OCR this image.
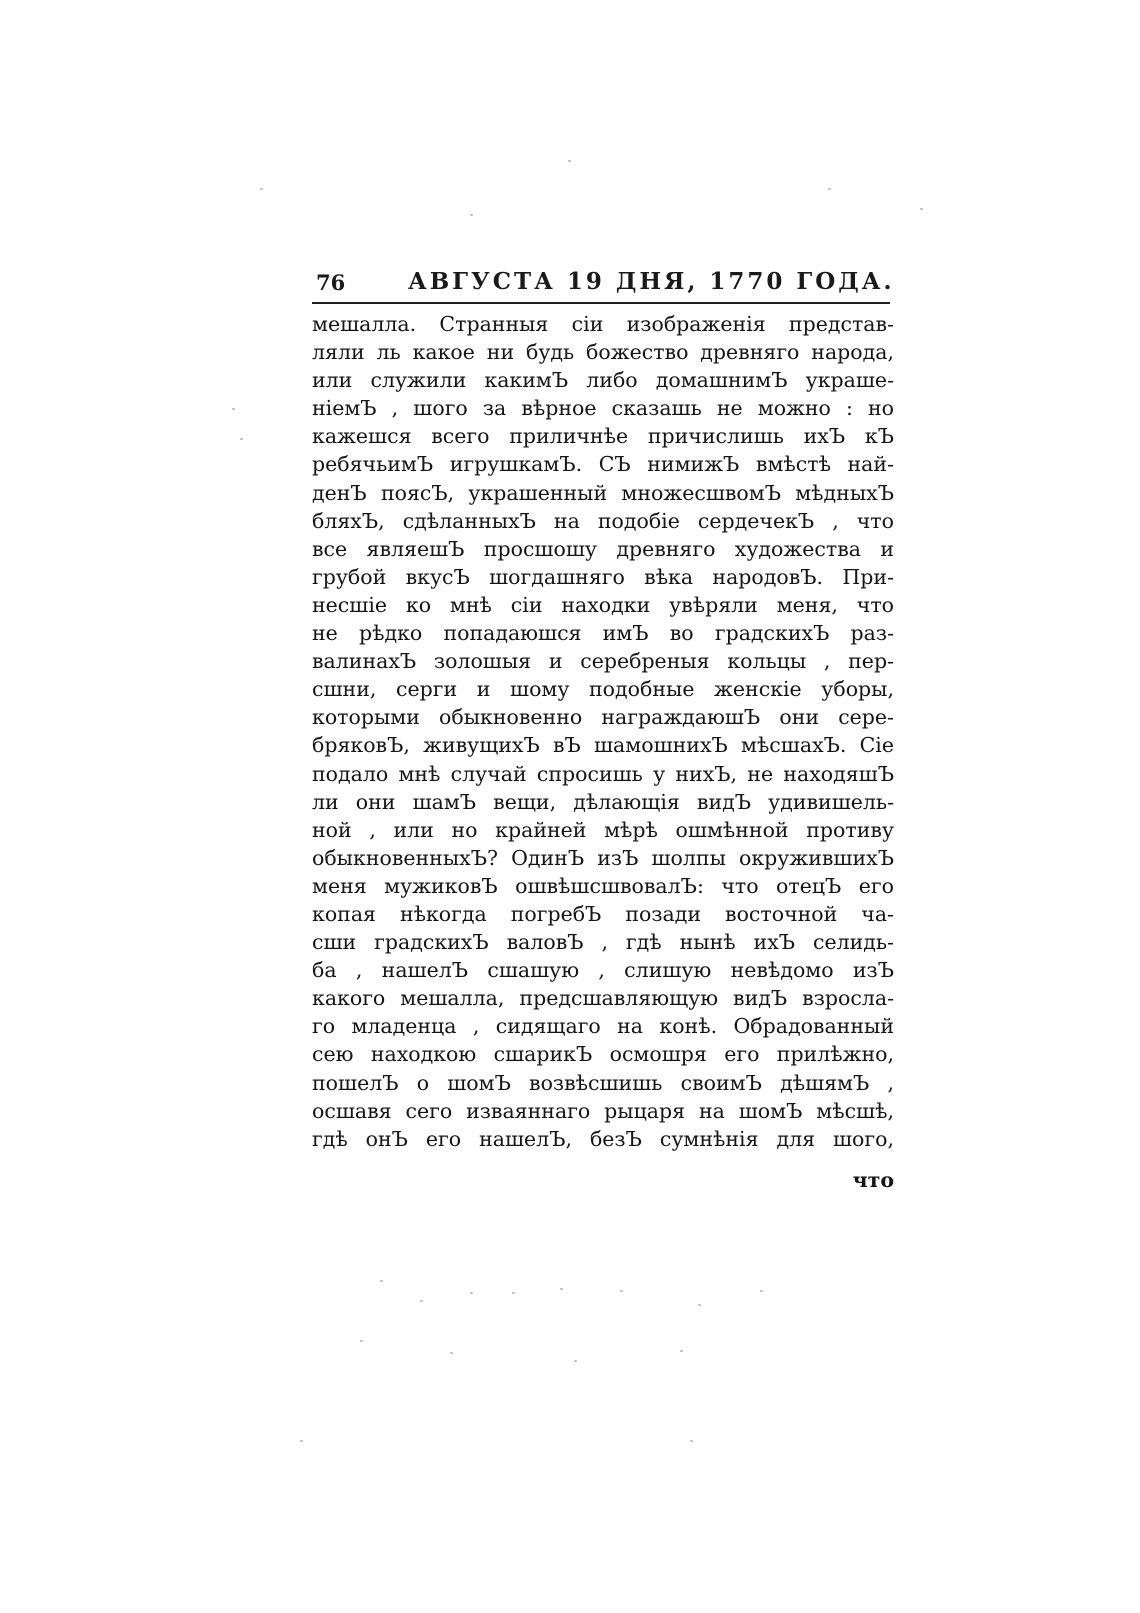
76	АВГУСТА 19 ДНЯ, 1770 ГОДА.
мешалла. Странныя сіи изображенія предстaв-
ляли ль какое ни будь божество древняго народа,
или служили какимЪ либо домашнимЪ украше-
ніемЪ , шого за вѣрное сказашь не можно : но
кажешся всего приличнѣе причислишь ихЪ кЪ
ребячьимЪ игрушкамЪ. СЪ нимижЪ вмѣстѣ най-
денЪ поясЪ, украшенный множесшвомЪ мѣдныхЪ
бляхЪ, сдѣланныхЪ на подобіе сердечекЪ , что
все являешЪ просшошу древняго художества и
грубой вкусЪ шогдашняго вѣка народовЪ. При-
несшіе ко мнѣ сіи находки увѣряли меня, что
не рѣдко попадаюшся имЪ во градскихЪ раз-
валинахЪ золошыя и серебреныя кольцы , пер-
сшни, серги и шому подобные женскіе уборы,
которыми обыкновенно награждаюшЪ они сере-
бряковЪ, живущихЪ вЪ шамошнихЪ мѣсшахЪ. Сіе
подало мнѣ случай спросишь у нихЪ, не находяшЪ
ли они шамЪ вещи, дѣлающія видЪ удивишель-
ной , или но крайней мѣрѣ ошмѣнной противу
обыкновенныхЪ? ОдинЪ изЪ шолпы окружившихЪ
меня мужиковЪ ошвѣшсшвовалЪ: что отецЪ его
копая нѣкогда погребЪ позади восточной ча-
сши градскихЪ валовЪ , гдѣ нынѣ ихЪ селидь-
ба , нашелЪ сшашую , слишую невѣдомо изЪ
какого мешалла, предсшавляющую видЪ взросла-
го младенца , сидящаго на конѣ. Обрадованный
сею находкою сшарикЪ осмошря его прилѣжно,
пошелЪ о шомЪ возвѣсшишь своимЪ дѣшямЪ ,
осшавя сего изваяннаго рыцаря на шомЪ мѣсшѣ,
гдѣ онЪ его нашелЪ, безЪ сумнѣнія для шого,
что
